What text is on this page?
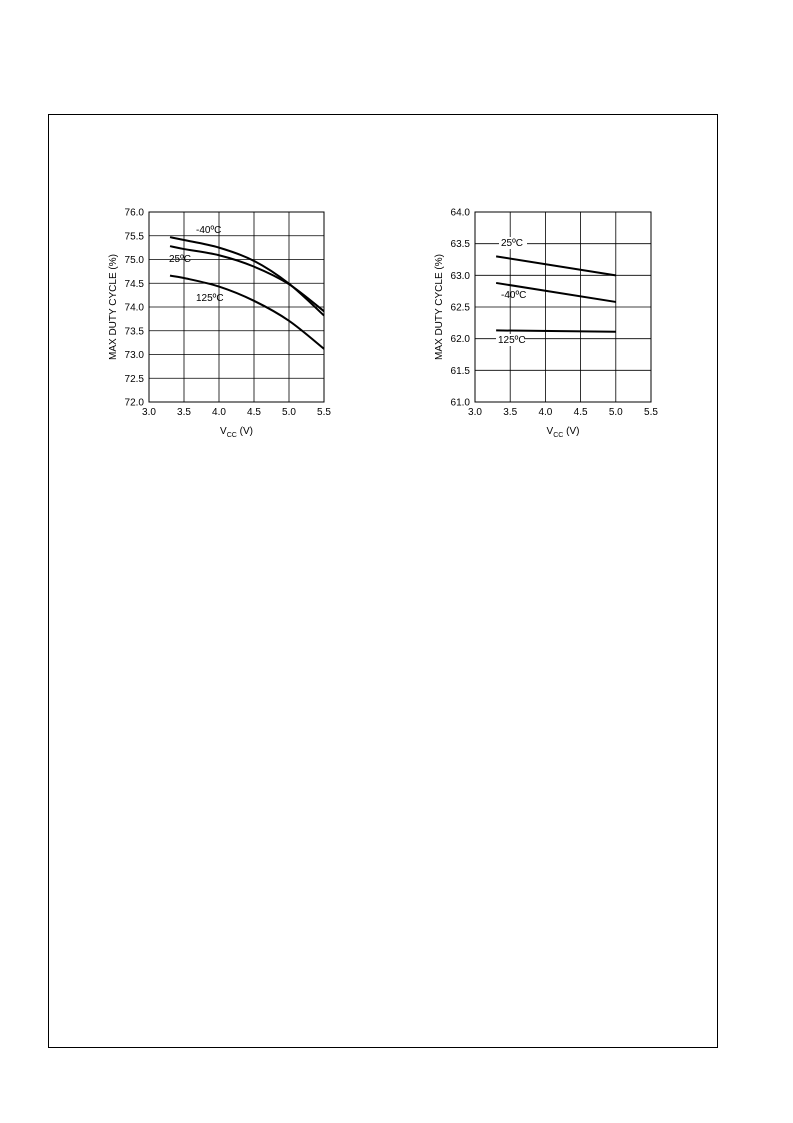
3.0 3.5 4.0 4.5 5.0 5.5
72.0
72.5
73.0
73.5
74.0
74.5
75.0
75.5
76.0
$V_{CC}$ (V)
MAX DUTY CYCLE (%)
-40ºC
25ºC
125ºC
3.0 3.5 4.0 4.5 5.0 5.5
61.0
61.5
62.0
62.5
63.0
63.5
64.0
$V_{CC}$ (V)
MAX DUTY CYCLE (%)
25ºC
-40ºC
125ºC
